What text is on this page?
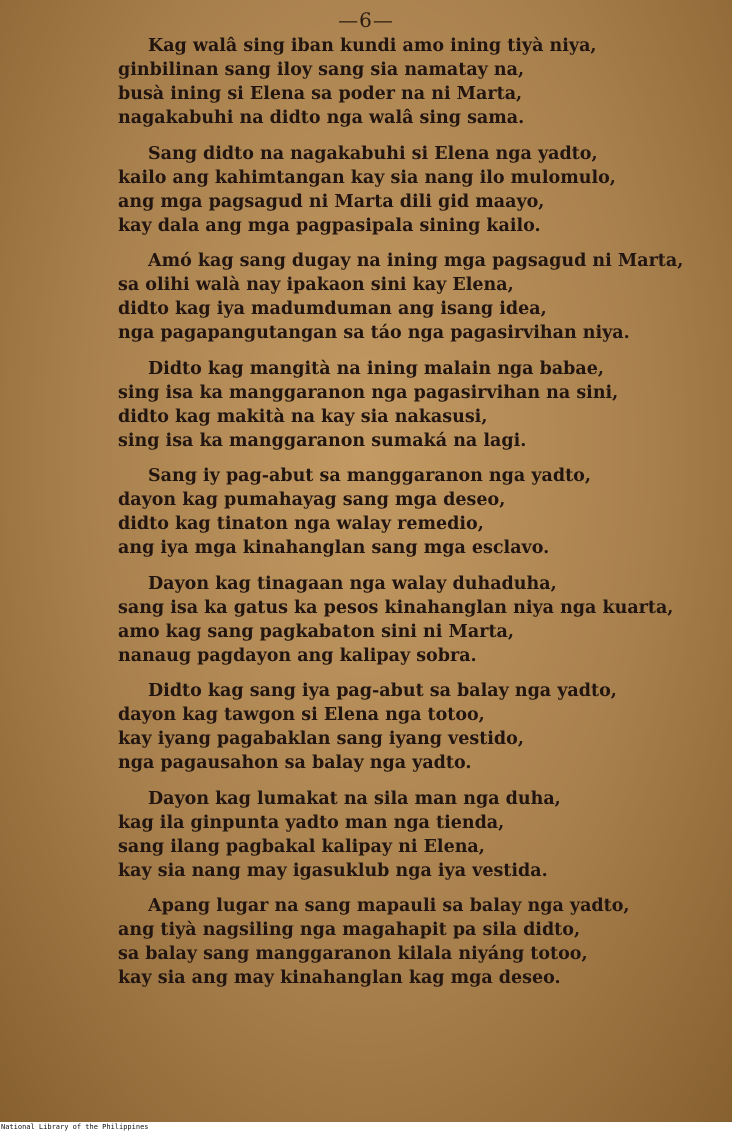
—6—
Kag walâ sing iban kundi amo ining tiyà niya,
ginbilinan sang iloy sang sia namatay na,
busà ining si Elena sa poder na ni Marta,
nagakabuhi na didto nga walâ sing sama.
Sang didto na nagakabuhi si Elena nga yadto,
kailo ang kahimtangan kay sia nang ilo mulomulo,
ang mga pagsagud ni Marta dili gid maayo,
kay dala ang mga pagpasipala sining kailo.
Amó kag sang dugay na ining mga pagsagud ni Marta,
sa olihi walà nay ipakaon sini kay Elena,
didto kag iya madumduman ang isang idea,
nga pagapangutangan sa táo nga pagasirvihan niya.
Didto kag mangità na ining malain nga babae,
sing isa ka manggaranon nga pagasirvihan na sini,
didto kag makità na kay sia nakasusi,
sing isa ka manggaranon sumaká na lagi.
Sang iy pag-abut sa manggaranon nga yadto,
dayon kag pumahayag sang mga deseo,
didto kag tinaton nga walay remedio,
ang iya mga kinahanglan sang mga esclavo.
Dayon kag tinagaan nga walay duhaduha,
sang isa ka gatus ka pesos kinahanglan niya nga kuarta,
amo kag sang pagkabaton sini ni Marta,
nanaug pagdayon ang kalipay sobra.
Didto kag sang iya pag-abut sa balay nga yadto,
dayon kag tawgon si Elena nga totoo,
kay iyang pagabaklan sang iyang vestido,
nga pagausahon sa balay nga yadto.
Dayon kag lumakat na sila man nga duha,
kag ila ginpunta yadto man nga tienda,
sang ilang pagbakal kalipay ni Elena,
kay sia nang may igasuklub nga iya vestida.
Apang lugar na sang mapauli sa balay nga yadto,
ang tiyà nagsiling nga magahapit pa sila didto,
sa balay sang manggaranon kilala niyáng totoo,
kay sia ang may kinahanglan kag mga deseo.
National Library of the Philippines
